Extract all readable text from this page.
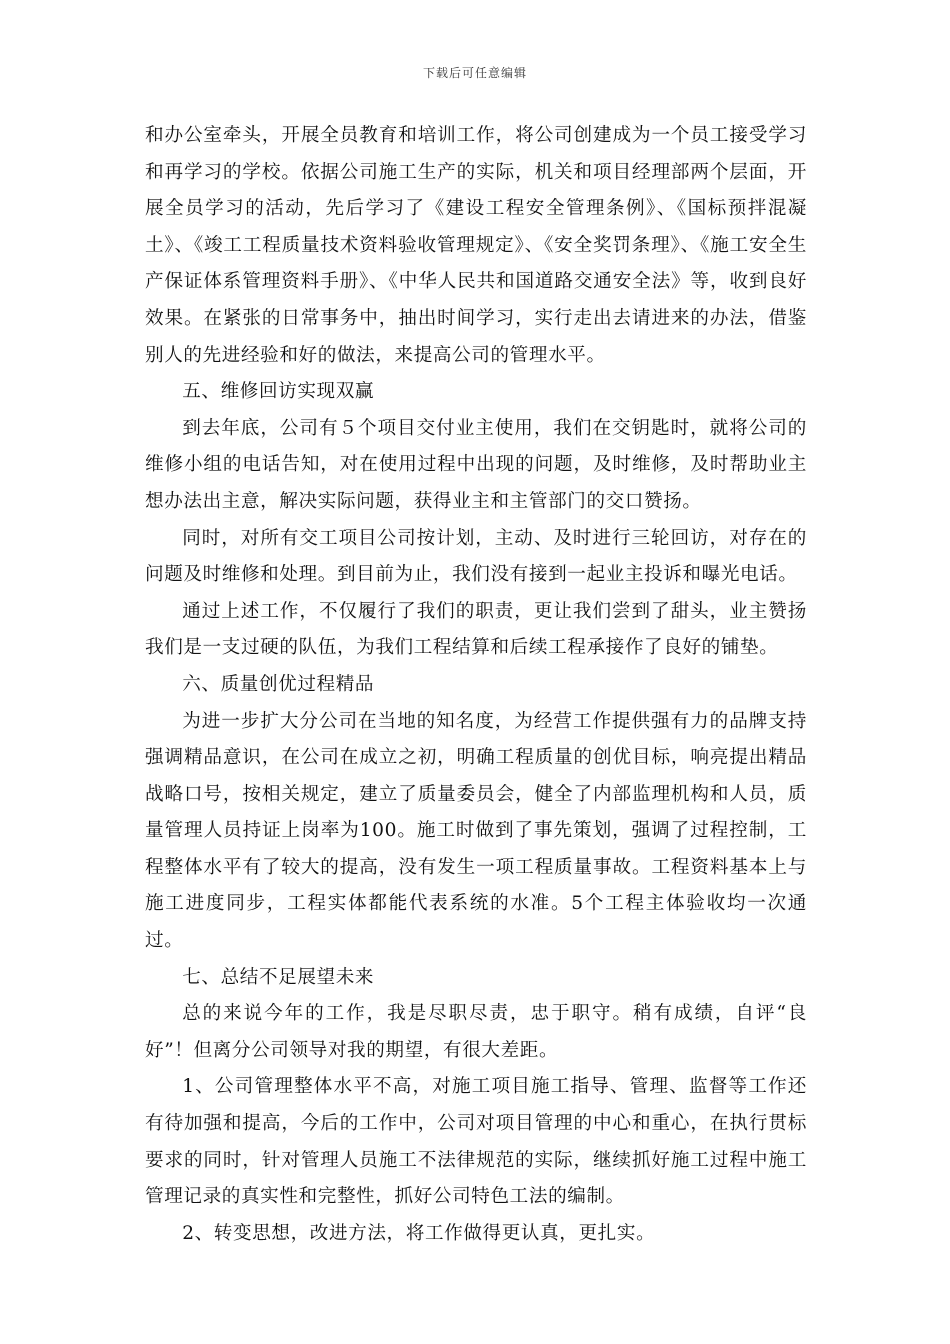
下载后可任意编辑

和办公室牵头，开展全员教育和培训工作，将公司创建成为一个员工接受学习和再学习的学校。依据公司施工生产的实际，机关和项目经理部两个层面，开展全员学习的活动，先后学习了《建设工程安全管理条例》、《国标预拌混凝土》、《竣工工程质量技术资料验收管理规定》、《安全奖罚条理》、《施工安全生产保证体系管理资料手册》、《中华人民共和国道路交通安全法》等，收到良好效果。在紧张的日常事务中，抽出时间学习，实行走出去请进来的办法，借鉴别人的先进经验和好的做法，来提高公司的管理水平。

五、维修回访实现双赢

到去年底，公司有５个项目交付业主使用，我们在交钥匙时，就将公司的维修小组的电话告知，对在使用过程中出现的问题，及时维修，及时帮助业主想办法出主意，解决实际问题，获得业主和主管部门的交口赞扬。

同时，对所有交工项目公司按计划，主动、及时进行三轮回访，对存在的问题及时维修和处理。到目前为止，我们没有接到一起业主投诉和曝光电话。

通过上述工作，不仅履行了我们的职责，更让我们尝到了甜头，业主赞扬我们是一支过硬的队伍，为我们工程结算和后续工程承接作了良好的铺垫。

六、质量创优过程精品

为进一步扩大分公司在当地的知名度，为经营工作提供强有力的品牌支持强调精品意识，在公司在成立之初，明确工程质量的创优目标，响亮提出精品战略口号，按相关规定，建立了质量委员会，健全了内部监理机构和人员，质量管理人员持证上岗率为100。施工时做到了事先策划，强调了过程控制，工程整体水平有了较大的提高，没有发生一项工程质量事故。工程资料基本上与施工进度同步，工程实体都能代表系统的水准。5个工程主体验收均一次通过。

七、总结不足展望未来

总的来说今年的工作，我是尽职尽责，忠于职守。稍有成绩，自评“良好”！但离分公司领导对我的期望，有很大差距。

1、公司管理整体水平不高，对施工项目施工指导、管理、监督等工作还有待加强和提高，今后的工作中，公司对项目管理的中心和重心，在执行贯标要求的同时，针对管理人员施工不法律规范的实际，继续抓好施工过程中施工管理记录的真实性和完整性，抓好公司特色工法的编制。

2、转变思想，改进方法，将工作做得更认真，更扎实。
